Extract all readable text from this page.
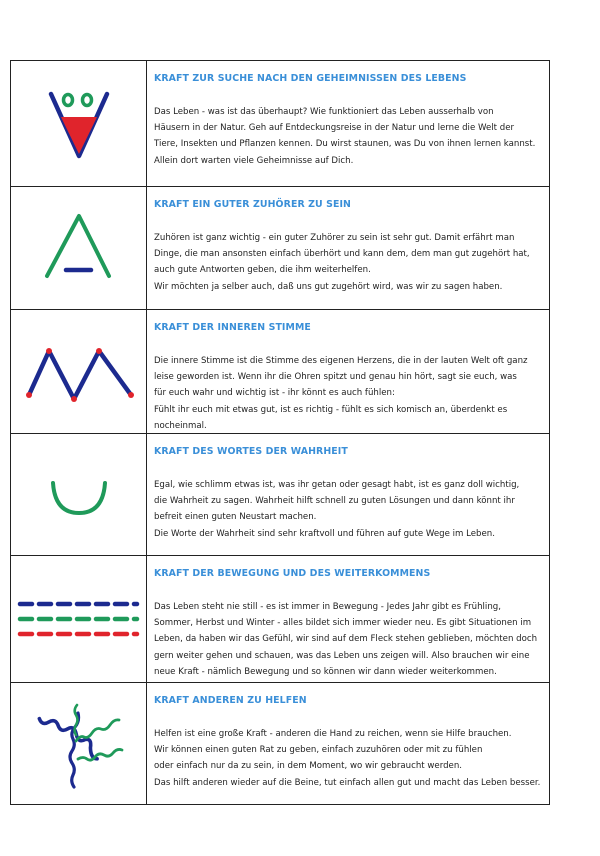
KRAFT ZUR SUCHE NACH DEN GEHEIMNISSEN DES LEBENS

Das Leben - was ist das überhaupt? Wie funktioniert das Leben ausserhalb von

Häusern in der Natur. Geh auf Entdeckungsreise in der Natur und lerne die Welt der

Tiere, Insekten und Pflanzen kennen. Du wirst staunen, was Du von ihnen lernen kannst.

Allein dort warten viele Geheimnisse auf Dich.

KRAFT EIN GUTER ZUHÖRER ZU SEIN

Zuhören ist ganz wichtig - ein guter Zuhörer zu sein ist sehr gut. Damit erfährt man

Dinge, die man ansonsten einfach überhört und kann dem, dem man gut zugehört hat,

auch gute Antworten geben, die ihm weiterhelfen.

Wir möchten ja selber auch, daß uns gut zugehört wird, was wir zu sagen haben.

KRAFT DER INNEREN STIMME

Die innere Stimme ist die Stimme des eigenen Herzens, die in der lauten Welt oft ganz

leise geworden ist. Wenn ihr die Ohren spitzt und genau hin hört, sagt sie euch, was

für euch wahr und wichtig ist - ihr könnt es auch fühlen:

Fühlt ihr euch mit etwas gut, ist es richtig - fühlt es sich komisch an, überdenkt es

nocheinmal.

KRAFT DES WORTES DER WAHRHEIT

Egal, wie schlimm etwas ist, was ihr getan oder gesagt habt, ist es ganz doll wichtig,

die Wahrheit zu sagen. Wahrheit hilft schnell zu guten Lösungen und dann könnt ihr

befreit einen guten Neustart machen.

Die Worte der Wahrheit sind sehr kraftvoll und führen auf gute Wege im Leben.

KRAFT DER BEWEGUNG UND DES WEITERKOMMENS

Das Leben steht nie still - es ist immer in Bewegung - Jedes Jahr gibt es Frühling,

Sommer, Herbst und Winter - alles bildet sich immer wieder neu. Es gibt Situationen im

Leben, da haben wir das Gefühl, wir sind auf dem Fleck stehen geblieben, möchten doch

gern weiter gehen und schauen, was das Leben uns zeigen will. Also brauchen wir eine

neue Kraft - nämlich Bewegung und so können wir dann wieder weiterkommen.

KRAFT ANDEREN ZU HELFEN

Helfen ist eine große Kraft - anderen die Hand zu reichen, wenn sie Hilfe brauchen.

Wir können einen guten Rat zu geben, einfach zuzuhören oder mit zu fühlen

oder einfach nur da zu sein, in dem Moment, wo wir gebraucht werden.

Das hilft anderen wieder auf die Beine, tut einfach allen gut und macht das Leben besser.
